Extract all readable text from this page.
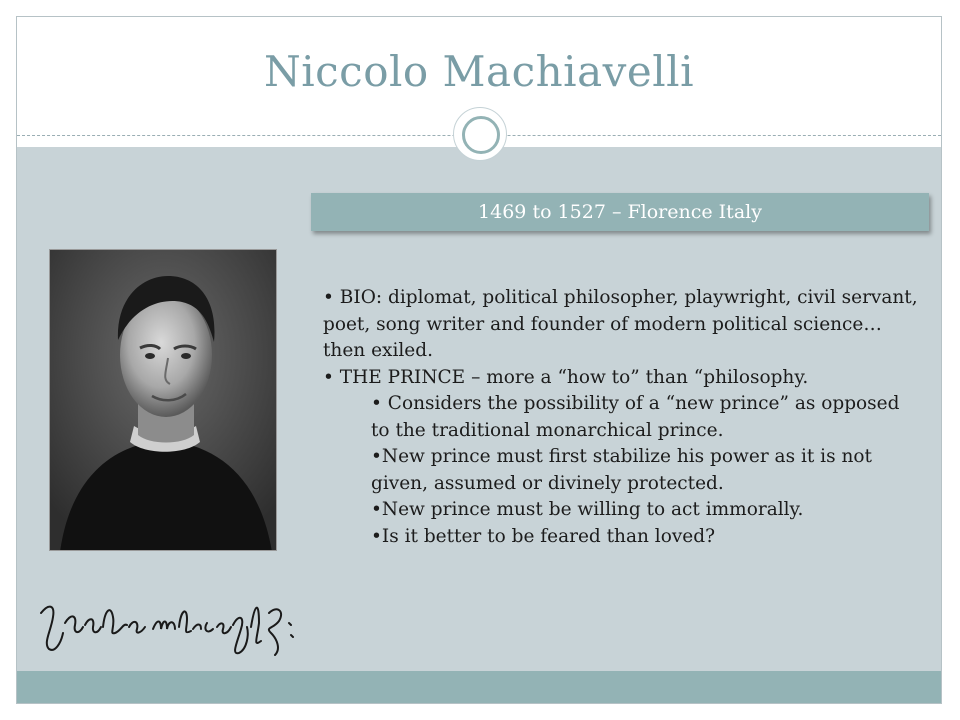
Niccolo Machiavelli
1469 to 1527 – Florence Italy

• BIO: diplomat, political philosopher, playwright, civil servant, poet, song writer and founder of modern political science… then exiled.

• THE PRINCE – more a “how to” than “philosophy.

• Considers the possibility of a “new prince” as opposed to the traditional monarchical prince.

•New prince must first stabilize his power as it is not given, assumed or divinely protected.

•New prince must be willing to act immorally.

•Is it better to be feared than loved?
